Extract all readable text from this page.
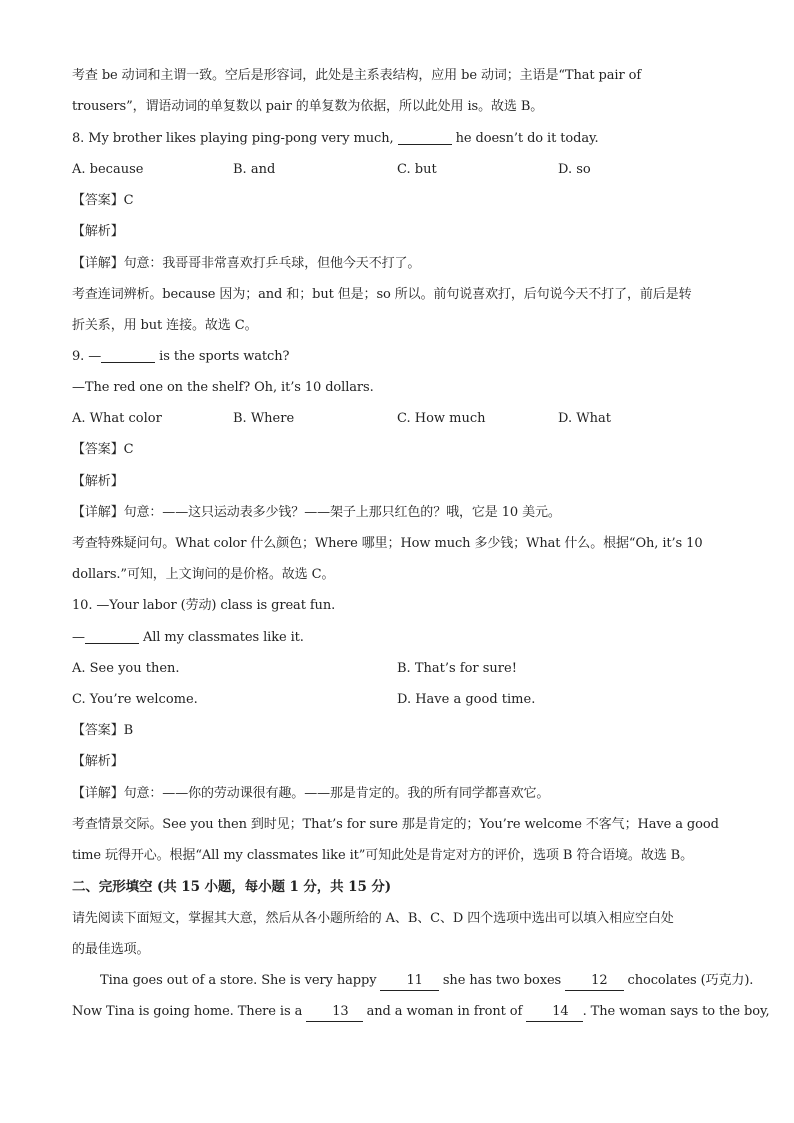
考查 be 动词和主谓一致。空后是形容词，此处是主系表结构，应用 be 动词；主语是“That pair of
trousers”，谓语动词的单复数以 pair 的单复数为依据，所以此处用 is。故选 B。
8. My brother likes playing ping-pong very much,	he doesn’t do it today.
A. because	B. and	C. but	D. so
【答案】C
【解析】
【详解】句意：我哥哥非常喜欢打乒乓球，但他今天不打了。
考查连词辨析。because 因为；and 和；but 但是；so 所以。前句说喜欢打，后句说今天不打了，前后是转
折关系，用 but 连接。故选 C。
9. —	is the sports watch?
—The red one on the shelf? Oh, it’s 10 dollars.
A. What color	B. Where	C. How much	D. What
【答案】C
【解析】
【详解】句意：——这只运动表多少钱？——架子上那只红色的？哦，它是 10 美元。
考查特殊疑问句。What color 什么颜色；Where 哪里；How much 多少钱；What 什么。根据“Oh, it’s 10
dollars.”可知，上文询问的是价格。故选 C。
10. —Your labor (劳动) class is great fun.
—	All my classmates like it.
A. See you then.	B. That’s for sure!
C. You’re welcome.	D. Have a good time.
【答案】B
【解析】
【详解】句意：——你的劳动课很有趣。——那是肯定的。我的所有同学都喜欢它。
考查情景交际。See you then 到时见；That’s for sure 那是肯定的；You’re welcome 不客气；Have a good
time 玩得开心。根据“All my classmates like it”可知此处是肯定对方的评价，选项 B 符合语境。故选 B。
二、完形填空 (共 15 小题，每小题 1 分，共 15 分)
请先阅读下面短文，掌握其大意，然后从各小题所给的 A、B、C、D 四个选项中选出可以填入相应空白处
的最佳选项。
Tina goes out of a store. She is very happy 11 she has two boxes 12 chocolates (巧克力).
Now Tina is going home. There is a 13 and a woman in front of 14 . The woman says to the boy,
